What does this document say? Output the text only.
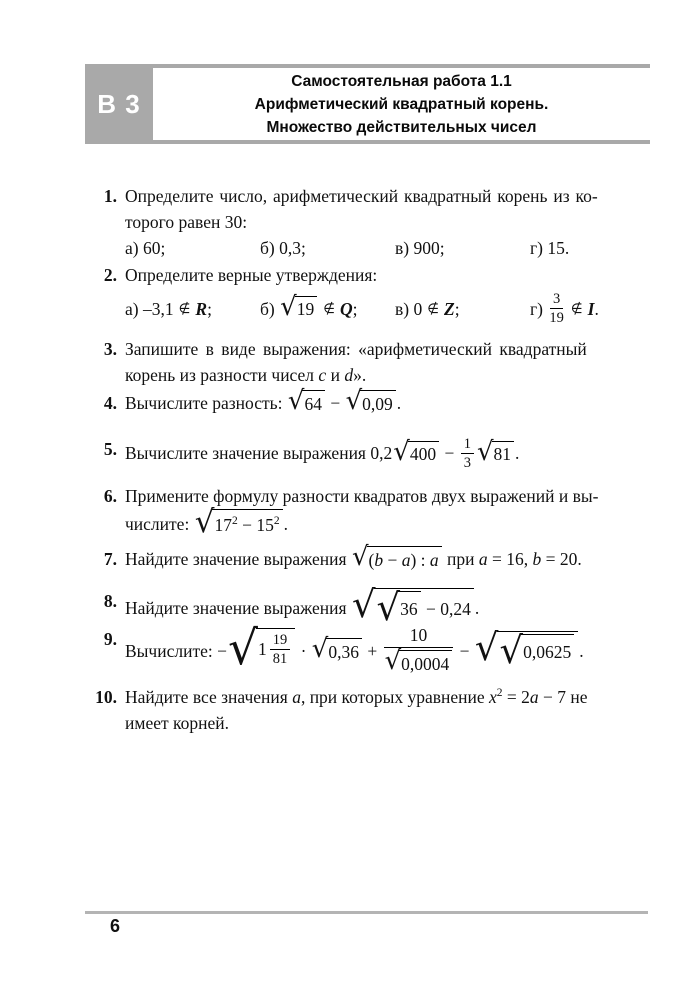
В 3
Самостоятельная работа 1.1
Арифметический квадратный корень.
Множество действительных чисел
1. Определите число, арифметический квадратный корень из ко-
торого равен 30:
а) 60;	б) 0,3;	в) 900;	г) 15.
2. Определите верные утверждения:
а) –3,1 ∉ R ;	б) √ 19 ∉ Q ; в) 0 ∉ Z ;	$г) \frac{3}{19}$ ∉ I .
3. Запишите в виде выражения: «арифметический квадратный
корень из разности чисел c и d».
4. Вычислите разность: √ 64 − √ 0,09 .
5. Вычислите значение выражения 0,2 √ $400 - \frac{1}{3}$ √ 81 .
6. Примените формулу разности квадратов двух выражений и вы-
числите: √ $17^2 - 15^2$ .
7. Найдите значение выражения √ (b − a) : a при a = 16, b = 20.
8. Найдите значение выражения √ √ 36 − 0,24 .
9.
Вычислите: − √ $1 \frac{19}{81}$ · √ $0,36 + \frac{10}{√ 0,0004}$ − √ √ 0,0625 .
10. Найдите все значения a, при которых уравнение $x^2 = 2a - 7$ не
имеет корней.
6
